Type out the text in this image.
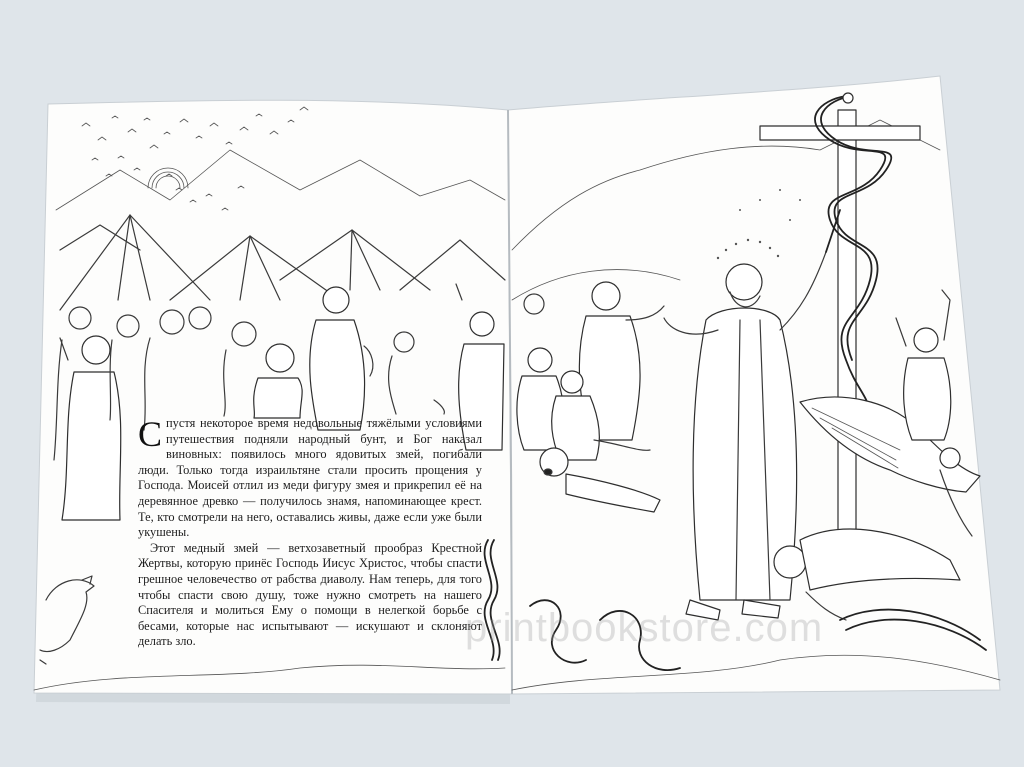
Спустя некоторое время недовольные тяжёлыми условиями путешествия подняли народный бунт, и Бог наказал виновных: появилось много ядовитых змей, погибали люди. Только тогда израильтяне стали просить прощения у Господа. Моисей отлил из меди фигуру змея и прикрепил её на деревянное древко — получилось знамя, напоминающее крест. Те, кто смотрели на него, оставались живы, даже если уже были укушены.

Этот медный змей — ветхозаветный прообраз Крестной Жертвы, которую принёс Господь Иисус Христос, чтобы спасти грешное человечество от рабства диаволу. Нам теперь, для того чтобы спасти свою душу, тоже нужно смотреть на нашего Спасителя и молиться Ему о помощи в нелегкой борьбе с бесами, которые нас испытывают — искушают и склоняют делать зло.	printbookstore.com
